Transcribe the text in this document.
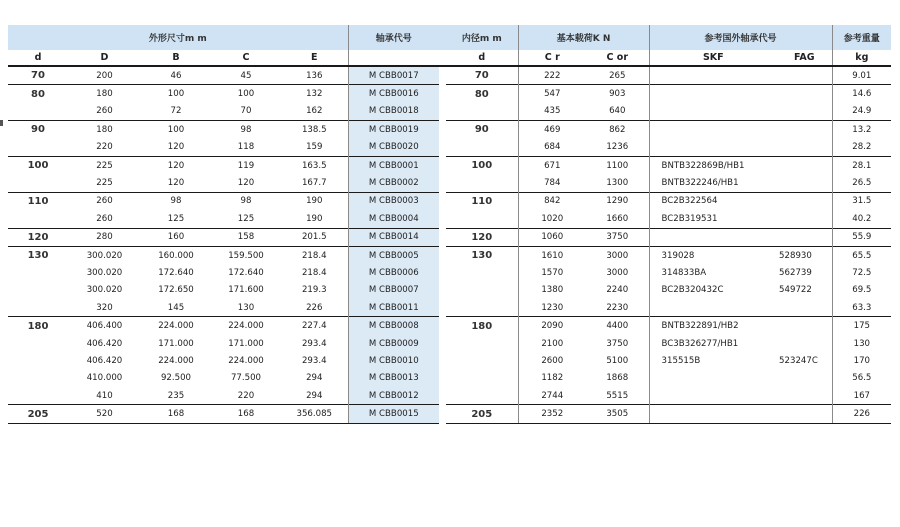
外形尺寸m m					轴承代号		内径m m	基本载荷K N		参考国外轴承代号		参考重量
d	D	B	C	E			d	C r	C or	SKF	FAG	kg
70	200	46	45	136	M CBB0017		70	222	265			9.01
80	180	100	100	132	M CBB0016		80	547	903			14.6
	260	72	70	162	M CBB0018			435	640			24.9
90	180	100	98	138.5	M CBB0019		90	469	862			13.2
	220	120	118	159	M CBB0020			684	1236			28.2
100	225	120	119	163.5	M CBB0001		100	671	1100	BNTB322869B/HB1		28.1
	225	120	120	167.7	M CBB0002			784	1300	BNTB322246/HB1		26.5
110	260	98	98	190	M CBB0003		110	842	1290	BC2B322564		31.5
	260	125	125	190	M CBB0004			1020	1660	BC2B319531		40.2
120	280	160	158	201.5	M CBB0014		120	1060	3750			55.9
130	300.020	160.000	159.500	218.4	M CBB0005		130	1610	3000	319028	528930	65.5
	300.020	172.640	172.640	218.4	M CBB0006			1570	3000	314833BA	562739	72.5
	300.020	172.650	171.600	219.3	M CBB0007			1380	2240	BC2B320432C	549722	69.5
	320	145	130	226	M CBB0011			1230	2230			63.3
180	406.400	224.000	224.000	227.4	M CBB0008		180	2090	4400	BNTB322891/HB2		175
	406.420	171.000	171.000	293.4	M CBB0009			2100	3750	BC3B326277/HB1		130
	406.420	224.000	224.000	293.4	M CBB0010			2600	5100	315515B	523247C	170
	410.000	92.500	77.500	294	M CBB0013			1182	1868			56.5
	410	235	220	294	M CBB0012			2744	5515			167
205	520	168	168	356.085	M CBB0015		205	2352	3505			226
